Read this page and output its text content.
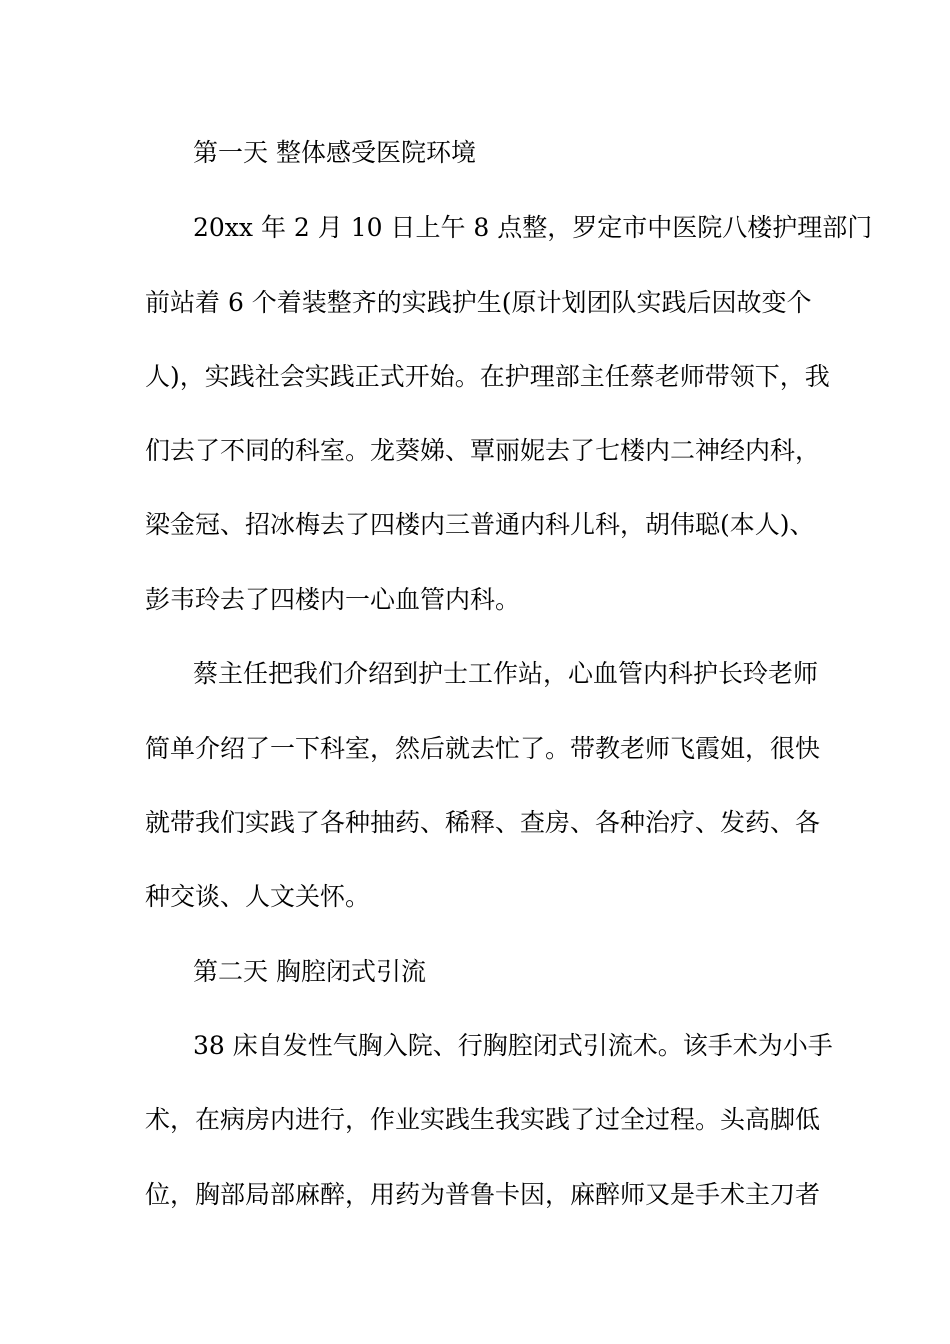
第一天 整体感受医院环境
20xx 年 2 月 10 日上午 8 点整，罗定市中医院八楼护理部门
前站着 6 个着装整齐的实践护生(原计划团队实践后因故变个
人)，实践社会实践正式开始。在护理部主任蔡老师带领下，我
们去了不同的科室。龙葵娣、覃丽妮去了七楼内二神经内科，
梁金冠、招冰梅去了四楼内三普通内科儿科，胡伟聪(本人)、
彭韦玲去了四楼内一心血管内科。
蔡主任把我们介绍到护士工作站，心血管内科护长玲老师
简单介绍了一下科室，然后就去忙了。带教老师飞霞姐，很快
就带我们实践了各种抽药、稀释、查房、各种治疗、发药、各
种交谈、人文关怀。
第二天 胸腔闭式引流
38 床自发性气胸入院、行胸腔闭式引流术。该手术为小手
术，在病房内进行，作业实践生我实践了过全过程。头高脚低
位，胸部局部麻醉，用药为普鲁卡因，麻醉师又是手术主刀者
